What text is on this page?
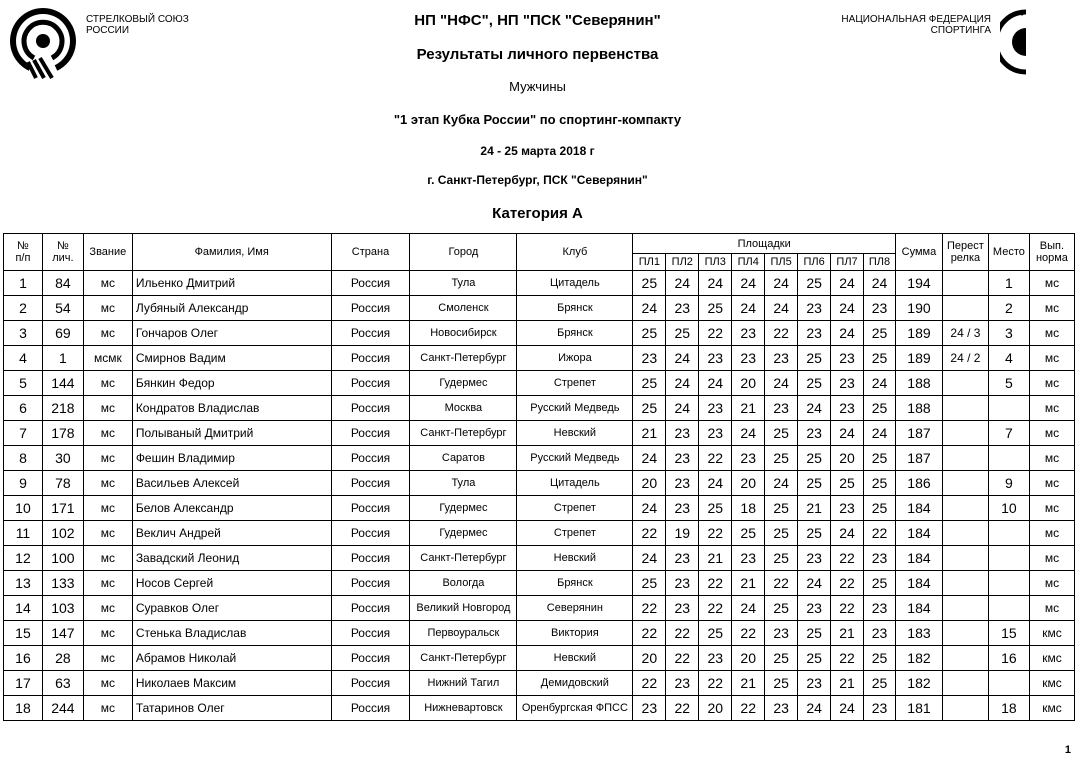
СТРЕЛКОВЫЙ СОЮЗ
РОССИИ
НАЦИОНАЛЬНАЯ ФЕДЕРАЦИЯ
СПОРТИНГА
НП "НФС", НП "ПСК "Северянин"
Результаты личного первенства
Мужчины
"1 этап Кубка России" по спортинг-компакту
24 - 25 марта 2018 г
г. Санкт-Петербург, ПСК "Северянин"
Категория А
№
п/п	№
лич.	Звание	Фамилия, Имя	Страна	Город	Клуб	Площадки								Сумма	Перест
релка	Место	Вып.
норма
							ПЛ1	ПЛ2	ПЛ3	ПЛ4	ПЛ5	ПЛ6	ПЛ7	ПЛ8				
1	84	мс	Ильенко Дмитрий	Россия	Тула	Цитадель	25	24	24	24	24	25	24	24	194		1	мс
2	54	мс	Лубяный Александр	Россия	Смоленск	Брянск	24	23	25	24	24	23	24	23	190		2	мс
3	69	мс	Гончаров Олег	Россия	Новосибирск	Брянск	25	25	22	23	22	23	24	25	189	24 / 3	3	мс
4	1	мсмк	Смирнов Вадим	Россия	Санкт-Петербург	Ижора	23	24	23	23	23	25	23	25	189	24 / 2	4	мс
5	144	мс	Бянкин Федор	Россия	Гудермес	Стрепет	25	24	24	20	24	25	23	24	188		5	мс
6	218	мс	Кондратов Владислав	Россия	Москва	Русский Медведь	25	24	23	21	23	24	23	25	188			мс
7	178	мс	Полываный Дмитрий	Россия	Санкт-Петербург	Невский	21	23	23	24	25	23	24	24	187		7	мс
8	30	мс	Фешин Владимир	Россия	Саратов	Русский Медведь	24	23	22	23	25	25	20	25	187			мс
9	78	мс	Васильев Алексей	Россия	Тула	Цитадель	20	23	24	20	24	25	25	25	186		9	мс
10	171	мс	Белов Александр	Россия	Гудермес	Стрепет	24	23	25	18	25	21	23	25	184		10	мс
11	102	мс	Веклич Андрей	Россия	Гудермес	Стрепет	22	19	22	25	25	25	24	22	184			мс
12	100	мс	Завадский Леонид	Россия	Санкт-Петербург	Невский	24	23	21	23	25	23	22	23	184			мс
13	133	мс	Носов Сергей	Россия	Вологда	Брянск	25	23	22	21	22	24	22	25	184			мс
14	103	мс	Суравков Олег	Россия	Великий Новгород	Северянин	22	23	22	24	25	23	22	23	184			мс
15	147	мс	Стенька Владислав	Россия	Первоуральск	Виктория	22	22	25	22	23	25	21	23	183		15	кмс
16	28	мс	Абрамов Николай	Россия	Санкт-Петербург	Невский	20	22	23	20	25	25	22	25	182		16	кмс
17	63	мс	Николаев Максим	Россия	Нижний Тагил	Демидовский	22	23	22	21	25	23	21	25	182			кмс
18	244	мс	Татаринов Олег	Россия	Нижневартовск	Оренбургская ФПСС	23	22	20	22	23	24	24	23	181		18	кмс
1
